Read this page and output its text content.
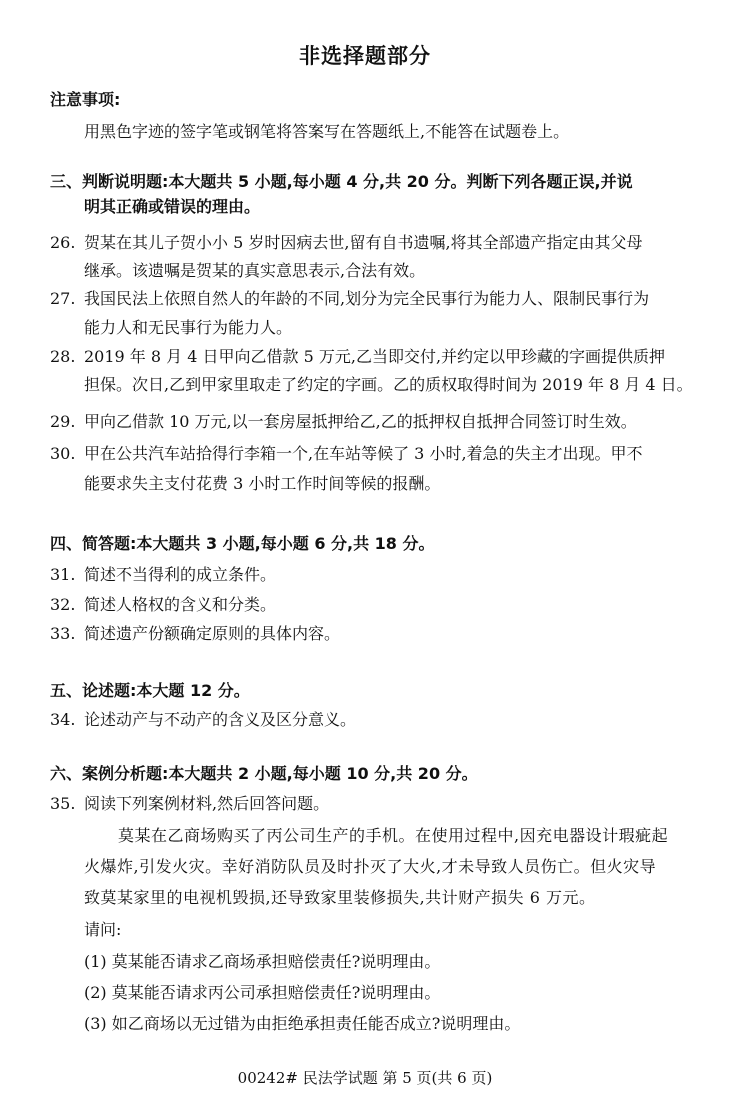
非选择题部分
注意事项:
用黑色字迹的签字笔或钢笔将答案写在答题纸上,不能答在试题卷上。
三、判断说明题:本大题共 5 小题,每小题 4 分,共 20 分。判断下列各题正误,并说
明其正确或错误的理由。
26. 贺某在其儿子贺小小 5 岁时因病去世,留有自书遗嘱,将其全部遗产指定由其父母
继承。该遗嘱是贺某的真实意思表示,合法有效。
27. 我国民法上依照自然人的年龄的不同,划分为完全民事行为能力人、限制民事行为
能力人和无民事行为能力人。
28. 2019 年 8 月 4 日甲向乙借款 5 万元,乙当即交付,并约定以甲珍藏的字画提供质押
担保。次日,乙到甲家里取走了约定的字画。乙的质权取得时间为 2019 年 8 月 4 日。
29. 甲向乙借款 10 万元,以一套房屋抵押给乙,乙的抵押权自抵押合同签订时生效。
30. 甲在公共汽车站拾得行李箱一个,在车站等候了 3 小时,着急的失主才出现。甲不
能要求失主支付花费 3 小时工作时间等候的报酬。
四、简答题:本大题共 3 小题,每小题 6 分,共 18 分。
31. 简述不当得利的成立条件。
32. 简述人格权的含义和分类。
33. 简述遗产份额确定原则的具体内容。
五、论述题:本大题 12 分。
34. 论述动产与不动产的含义及区分意义。
六、案例分析题:本大题共 2 小题,每小题 10 分,共 20 分。
35. 阅读下列案例材料,然后回答问题。
莫某在乙商场购买了丙公司生产的手机。在使用过程中,因充电器设计瑕疵起
火爆炸,引发火灾。幸好消防队员及时扑灭了大火,才未导致人员伤亡。但火灾导
致莫某家里的电视机毁损,还导致家里装修损失,共计财产损失 6 万元。
请问:
(1) 莫某能否请求乙商场承担赔偿责任?说明理由。
(2) 莫某能否请求丙公司承担赔偿责任?说明理由。
(3) 如乙商场以无过错为由拒绝承担责任能否成立?说明理由。
00242# 民法学试题 第 5 页(共 6 页)
